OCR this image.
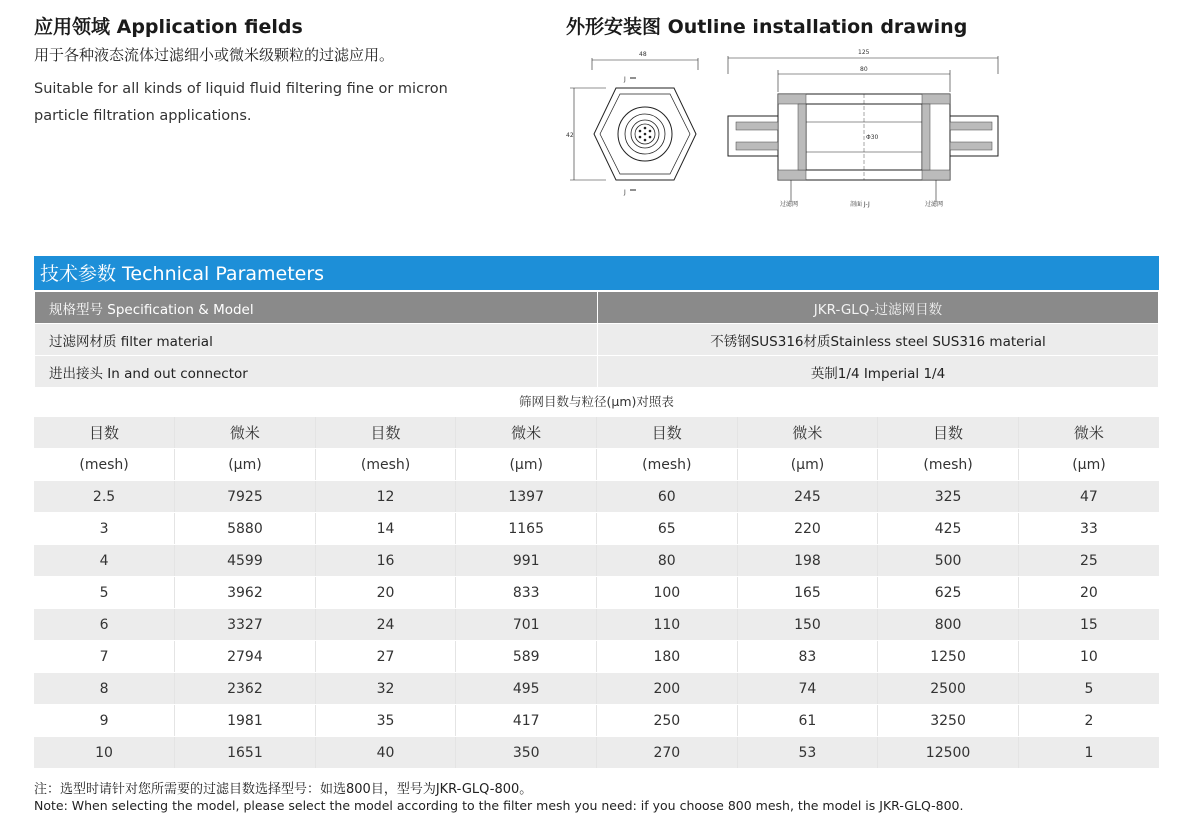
应用领域 Application fields
用于各种液态流体过滤细小或微米级颗粒的过滤应用。
Suitable for all kinds of liquid fluid filtering fine or micron particle filtration applications.
外形安装图 Outline installation drawing
48
42
J
J
125
80
Φ30
过滤网	剖面 J-J	过滤网
技术参数 Technical Parameters
规格型号 Specification & Model	JKR-GLQ-过滤网目数
过滤网材质 filter material	不锈钢SUS316材质Stainless steel SUS316 material
进出接头 In and out connector	英制1/4 Imperial 1/4
筛网目数与粒径(μm)对照表
目数	微米	目数	微米	目数	微米	目数	微米
(mesh)	(μm)	(mesh)	(μm)	(mesh)	(μm)	(mesh)	(μm)
2.5	7925	12	1397	60	245	325	47
3	5880	14	1165	65	220	425	33
4	4599	16	991	80	198	500	25
5	3962	20	833	100	165	625	20
6	3327	24	701	110	150	800	15
7	2794	27	589	180	83	1250	10
8	2362	32	495	200	74	2500	5
9	1981	35	417	250	61	3250	2
10	1651	40	350	270	53	12500	1
注：选型时请针对您所需要的过滤目数选择型号：如选800目，型号为JKR-GLQ-800。
Note: When selecting the model, please select the model according to the filter mesh you need: if you choose 800 mesh, the model is JKR-GLQ-800.
